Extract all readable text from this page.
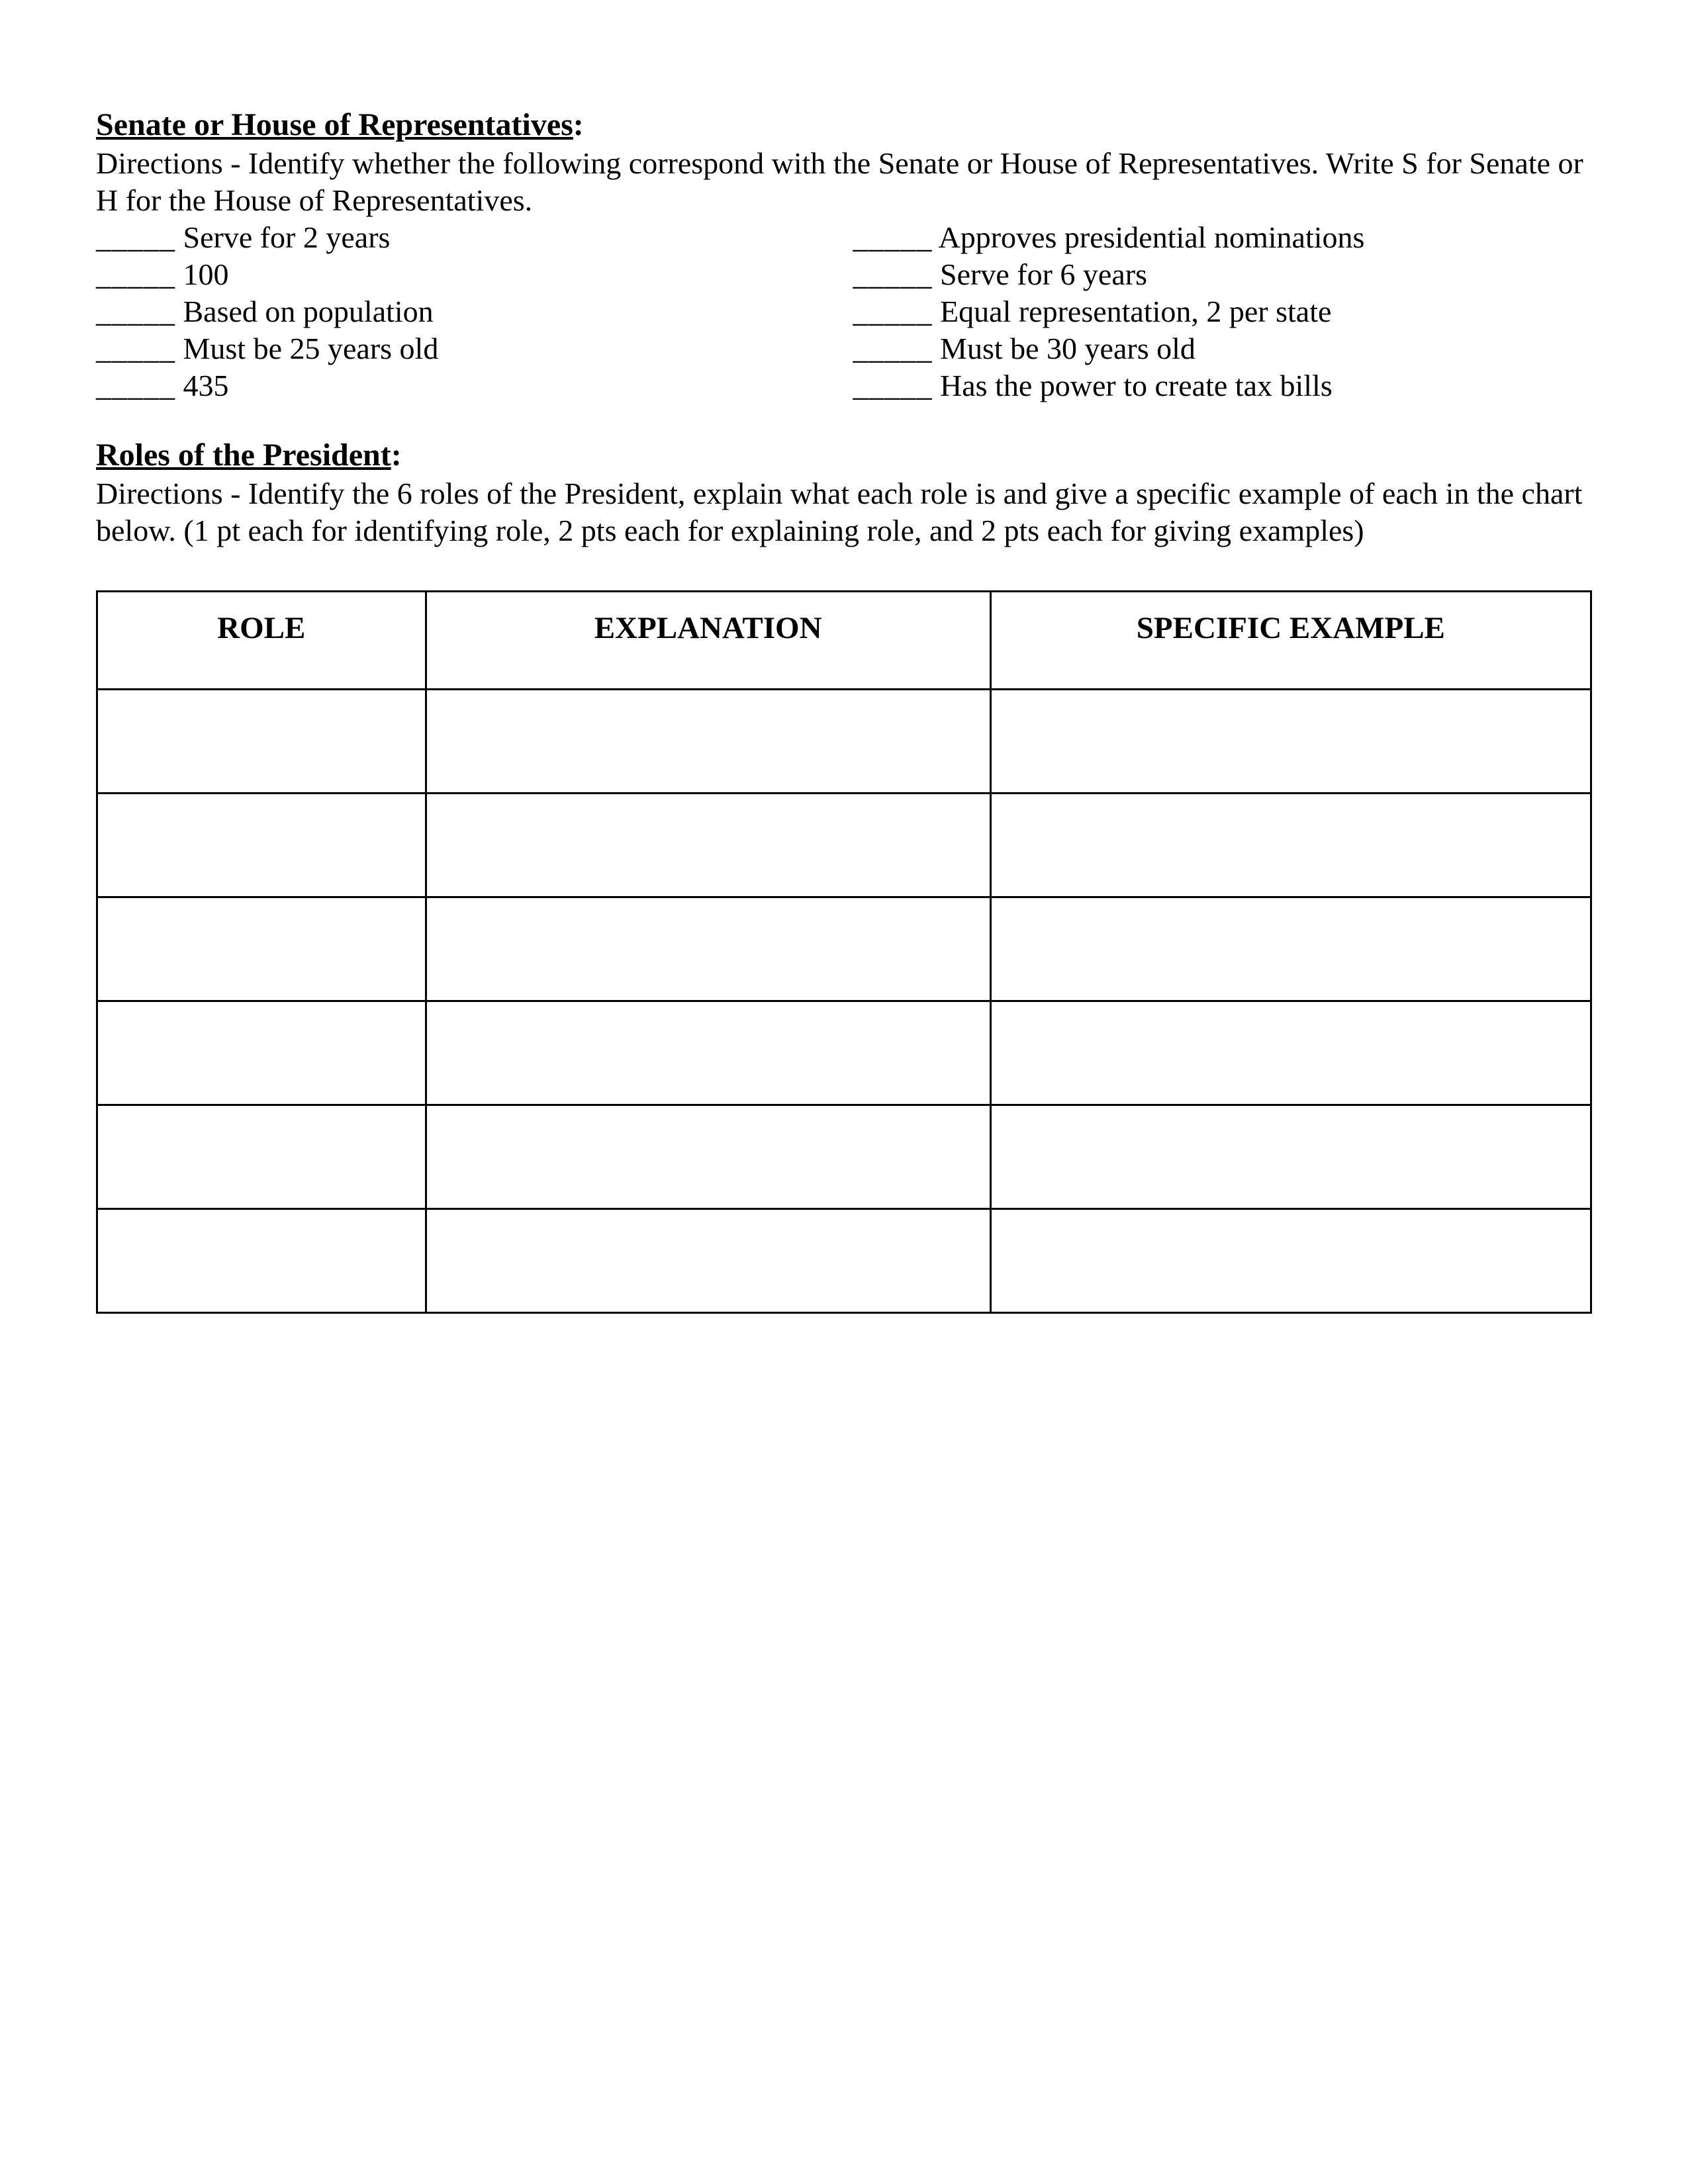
Senate or House of Representatives:
Directions - Identify whether the following correspond with the Senate or House of Representatives. Write S for Senate or H for the House of Representatives.
_____ Serve for 2 years
_____ 100
_____ Based on population
_____ Must be 25 years old
_____ 435
_____ Approves presidential nominations
_____ Serve for 6 years
_____ Equal representation, 2 per state
_____ Must be 30 years old
_____ Has the power to create tax bills
Roles of the President:
Directions - Identify the 6 roles of the President, explain what each role is and give a specific example of each in the chart below. (1 pt each for identifying role, 2 pts each for explaining role, and 2 pts each for giving examples)
ROLE	EXPLANATION	SPECIFIC EXAMPLE
